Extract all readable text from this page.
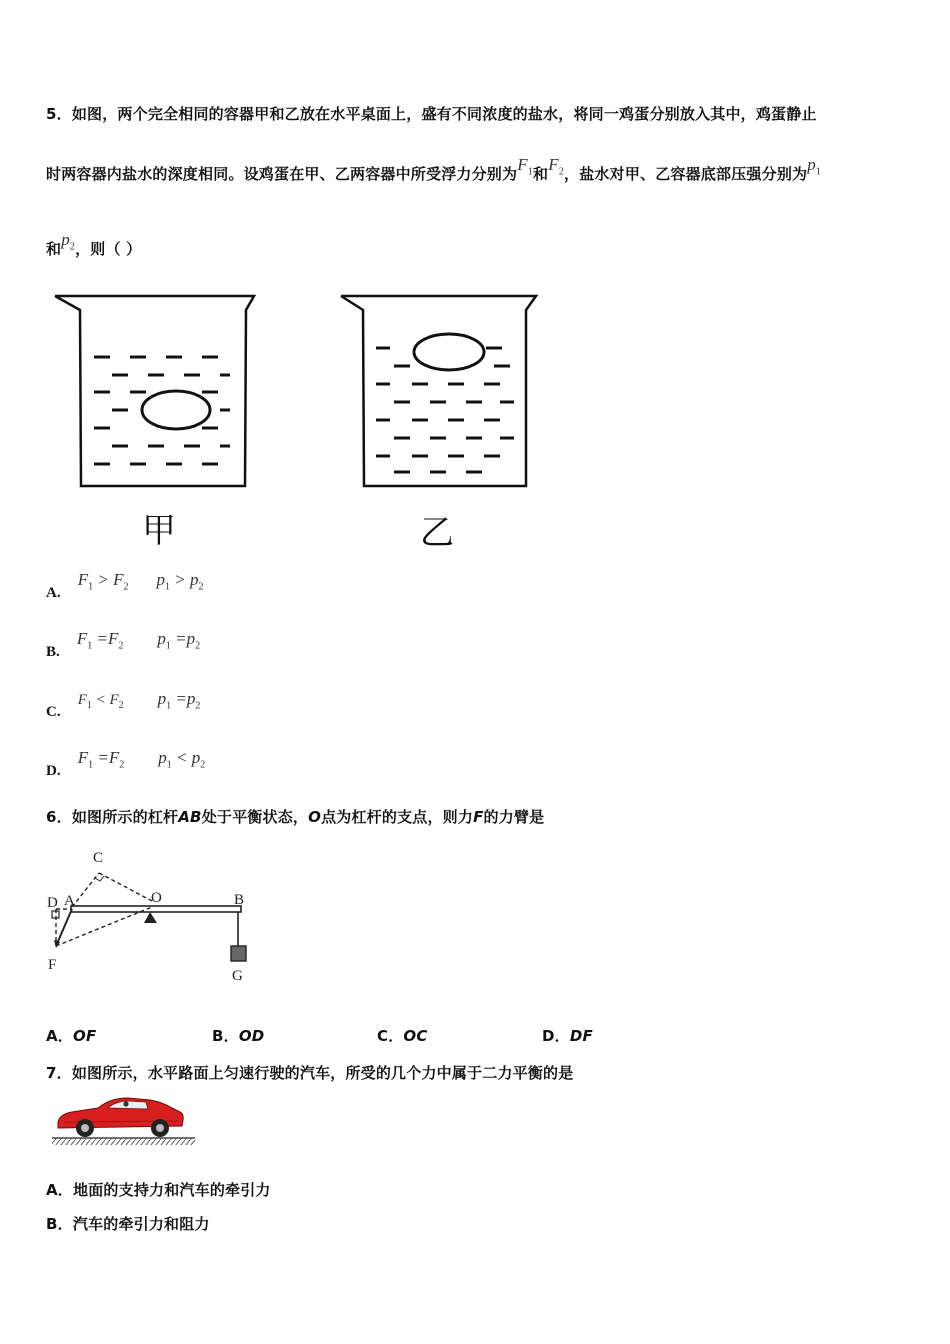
5．如图，两个完全相同的容器甲和乙放在水平桌面上，盛有不同浓度的盐水，将同一鸡蛋分别放入其中，鸡蛋静止
时两容器内盐水的深度相同。设鸡蛋在甲、乙两容器中所受浮力分别为$F_1$和$F_2$，盐水对甲、乙容器底部压强分别为$p_1$
和$p_2$，则（ ）
甲	乙
A. $F_1 > F_2$ $p_1 > p_2$
B. $F_1 =F_2$ $p_1 =p_2$
C. $F_1 < F_2$ $p_1 =p_2$
D. $F_1 =F_2$ $p_1 < p_2$
6．如图所示的杠杆AB处于平衡状态，O点为杠杆的支点，则力F的力臂是
C
D A	O	B
F
G
A．OF	B．OD	C．OC	D．DF
7．如图所示，水平路面上匀速行驶的汽车，所受的几个力中属于二力平衡的是
A．地面的支持力和汽车的牵引力
B．汽车的牵引力和阻力
